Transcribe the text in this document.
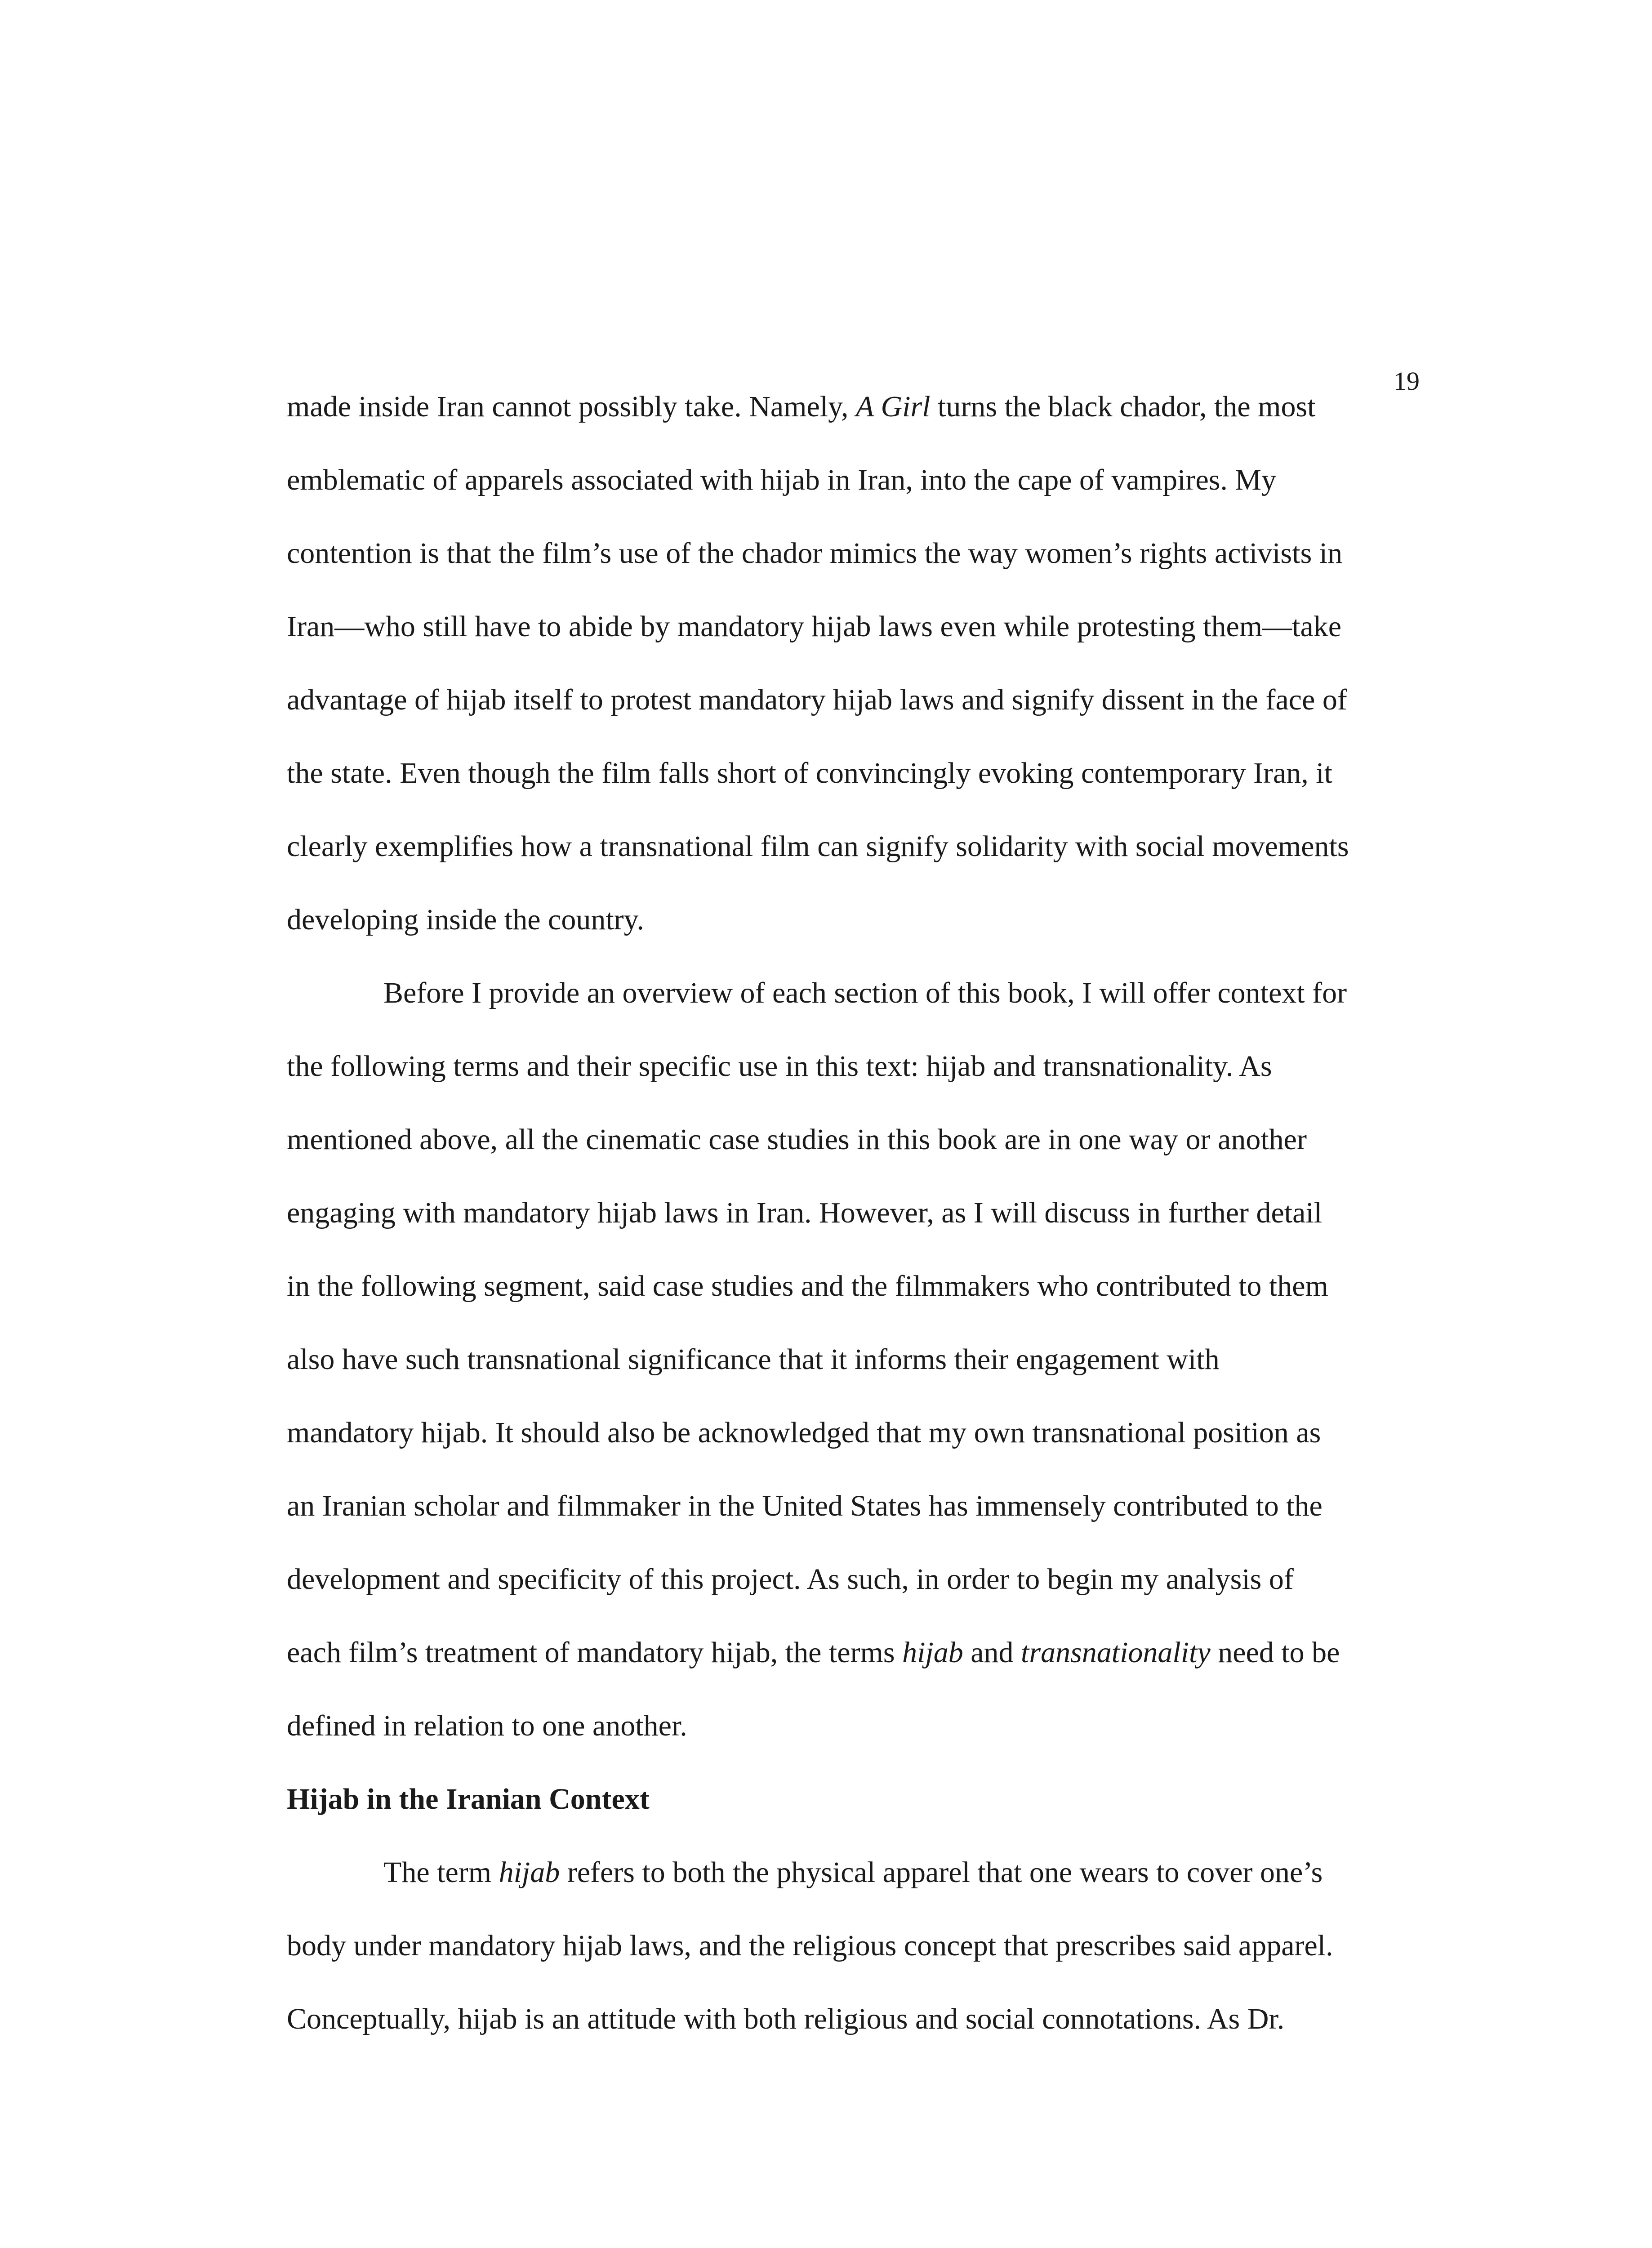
19
made inside Iran cannot possibly take. Namely, A Girl turns the black chador, the most
emblematic of apparels associated with hijab in Iran, into the cape of vampires. My
contention is that the film’s use of the chador mimics the way women’s rights activists in
Iran—who still have to abide by mandatory hijab laws even while protesting them—take
advantage of hijab itself to protest mandatory hijab laws and signify dissent in the face of
the state. Even though the film falls short of convincingly evoking contemporary Iran, it
clearly exemplifies how a transnational film can signify solidarity with social movements
developing inside the country.
Before I provide an overview of each section of this book, I will offer context for
the following terms and their specific use in this text: hijab and transnationality. As
mentioned above, all the cinematic case studies in this book are in one way or another
engaging with mandatory hijab laws in Iran. However, as I will discuss in further detail
in the following segment, said case studies and the filmmakers who contributed to them
also have such transnational significance that it informs their engagement with
mandatory hijab. It should also be acknowledged that my own transnational position as
an Iranian scholar and filmmaker in the United States has immensely contributed to the
development and specificity of this project. As such, in order to begin my analysis of
each film’s treatment of mandatory hijab, the terms hijab and transnationality need to be
defined in relation to one another.
Hijab in the Iranian Context
The term hijab refers to both the physical apparel that one wears to cover one’s
body under mandatory hijab laws, and the religious concept that prescribes said apparel.
Conceptually, hijab is an attitude with both religious and social connotations. As Dr.
